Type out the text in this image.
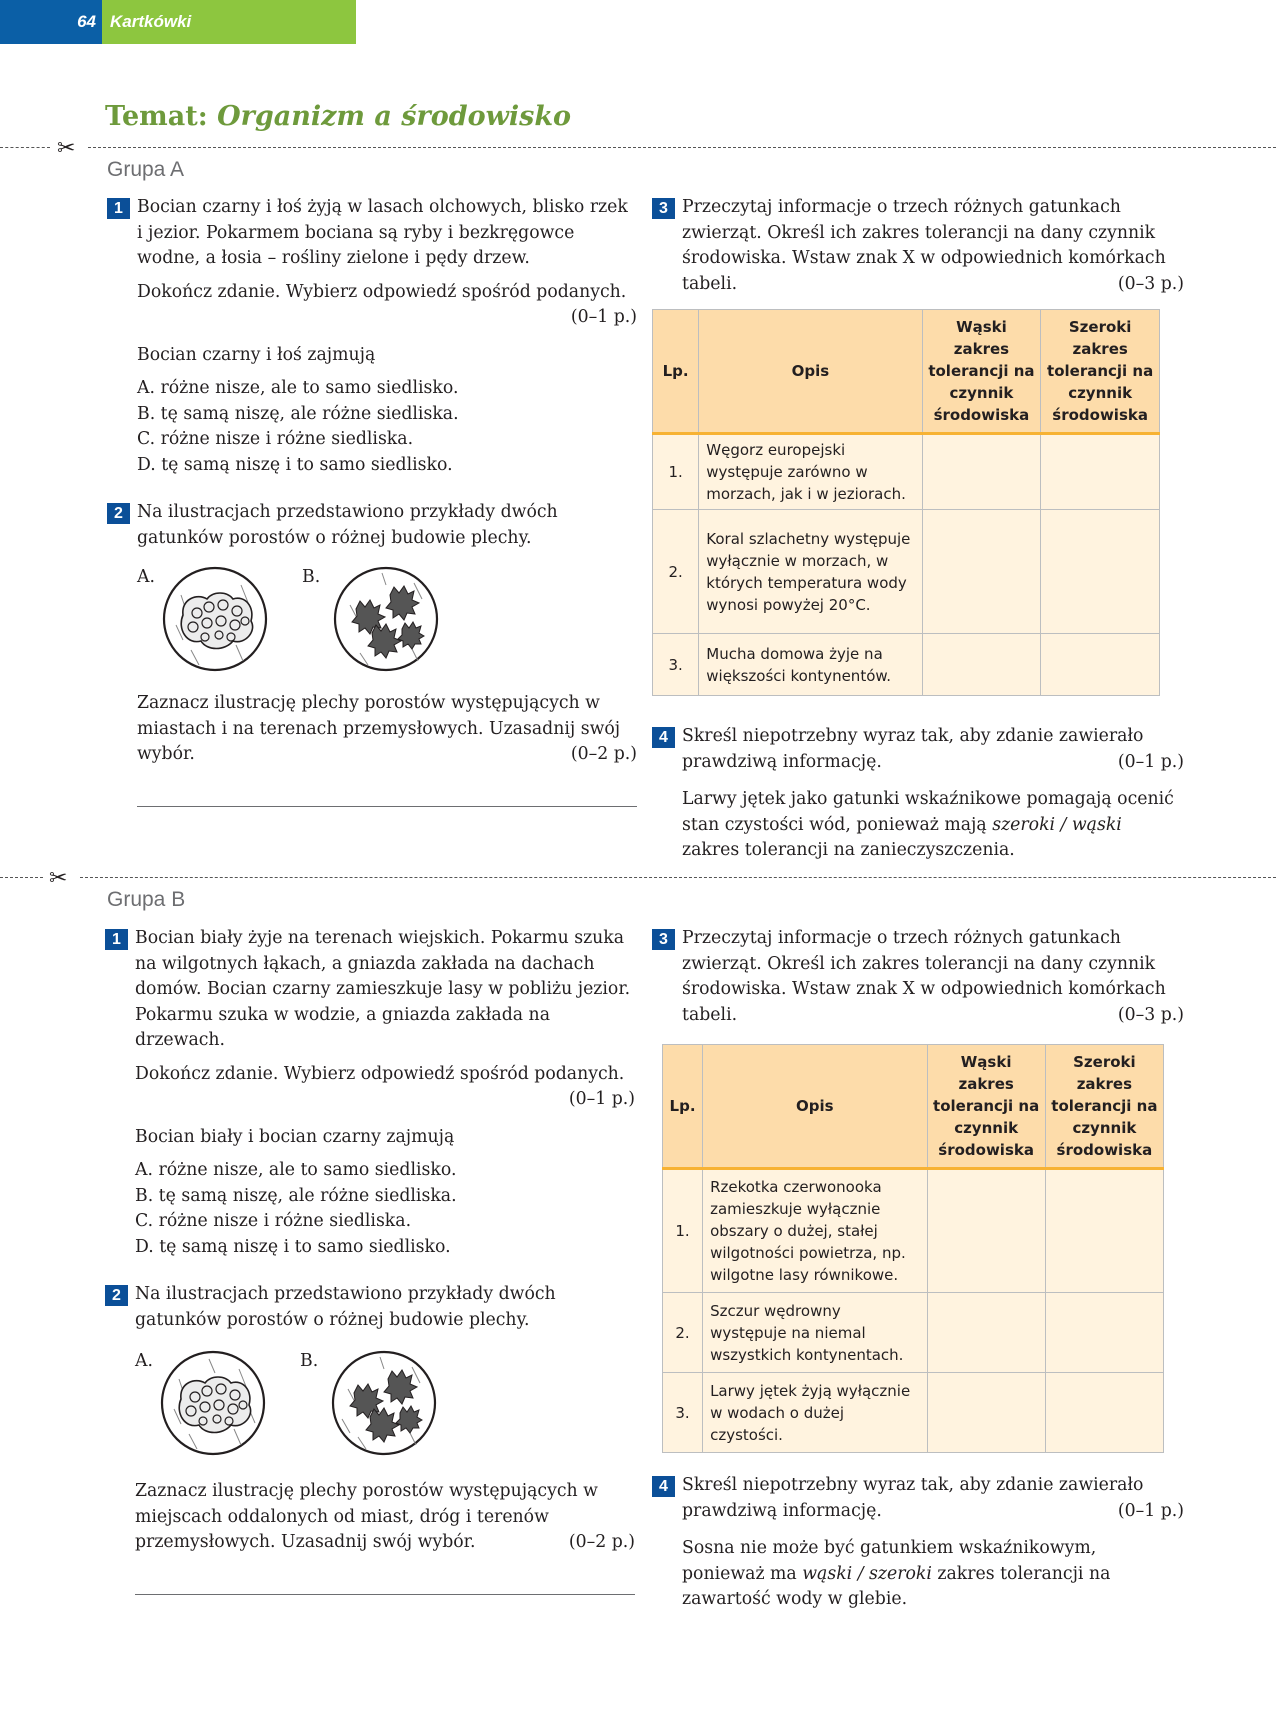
64 Kartkówki
Temat: Organizm a środowisko
✂
Grupa A
1 Bocian czarny i łoś żyją w lasach olchowych, blisko rzek i jezior. Pokarmem bociana są ryby i bezkręgowce wodne, a łosia – rośliny zielone i pędy drzew.
Dokończ zdanie. Wybierz odpowiedź spośród podanych.
(0–1 p.)
Bocian czarny i łoś zajmują
A. różne nisze, ale to samo siedlisko.
B. tę samą niszę, ale różne siedliska.
C. różne nisze i różne siedliska.
D. tę samą niszę i to samo siedlisko.
2 Na ilustracjach przedstawiono przykłady dwóch gatunków porostów o różnej budowie plechy.
A.	B.
Zaznacz ilustrację plechy porostów występujących w miastach i na terenach przemysłowych. Uzasadnij swój wybór.	(0–2 p.)
3 Przeczytaj informacje o trzech różnych gatunkach zwierząt. Określ ich zakres tolerancji na dany czynnik środowiska. Wstaw znak X w odpowiednich komórkach tabeli.	(0–3 p.)
Lp.	Opis	Wąski zakres tolerancji na czynnik środowiska	Szeroki zakres tolerancji na czynnik środowiska
1.	Węgorz europejski występuje zarówno w morzach, jak i w jeziorach.		
2.	Koral szlachetny występuje wyłącznie w morzach, w których temperatura wody wynosi powyżej 20°C.		
3.	Mucha domowa żyje na większości kontynentów.		
4 Skreśl niepotrzebny wyraz tak, aby zdanie zawierało prawdziwą informację.	(0–1 p.)
Larwy jętek jako gatunki wskaźnikowe pomagają ocenić stan czystości wód, ponieważ mają szeroki / wąski zakres tolerancji na zanieczyszczenia.
✂
Grupa B
1 Bocian biały żyje na terenach wiejskich. Pokarmu szuka na wilgotnych łąkach, a gniazda zakłada na dachach domów. Bocian czarny zamieszkuje lasy w pobliżu jezior. Pokarmu szuka w wodzie, a gniazda zakłada na drzewach.
Dokończ zdanie. Wybierz odpowiedź spośród podanych.
(0–1 p.)
Bocian biały i bocian czarny zajmują
A. różne nisze, ale to samo siedlisko.
B. tę samą niszę, ale różne siedliska.
C. różne nisze i różne siedliska.
D. tę samą niszę i to samo siedlisko.
2 Na ilustracjach przedstawiono przykłady dwóch gatunków porostów o różnej budowie plechy.
A.	B.
Zaznacz ilustrację plechy porostów występujących w miejscach oddalonych od miast, dróg i terenów przemysłowych. Uzasadnij swój wybór.	(0–2 p.)
3 Przeczytaj informacje o trzech różnych gatunkach zwierząt. Określ ich zakres tolerancji na dany czynnik środowiska. Wstaw znak X w odpowiednich komórkach tabeli.	(0–3 p.)
Lp.	Opis	Wąski zakres tolerancji na czynnik środowiska	Szeroki zakres tolerancji na czynnik środowiska
1.	Rzekotka czerwonooka zamieszkuje wyłącznie obszary o dużej, stałej wilgotności powietrza, np. wilgotne lasy równikowe.		
2.	Szczur wędrowny występuje na niemal wszystkich kontynentach.		
3.	Larwy jętek żyją wyłącznie w wodach o dużej czystości.		
4 Skreśl niepotrzebny wyraz tak, aby zdanie zawierało prawdziwą informację.	(0–1 p.)
Sosna nie może być gatunkiem wskaźnikowym, ponieważ ma wąski / szeroki zakres tolerancji na zawartość wody w glebie.
